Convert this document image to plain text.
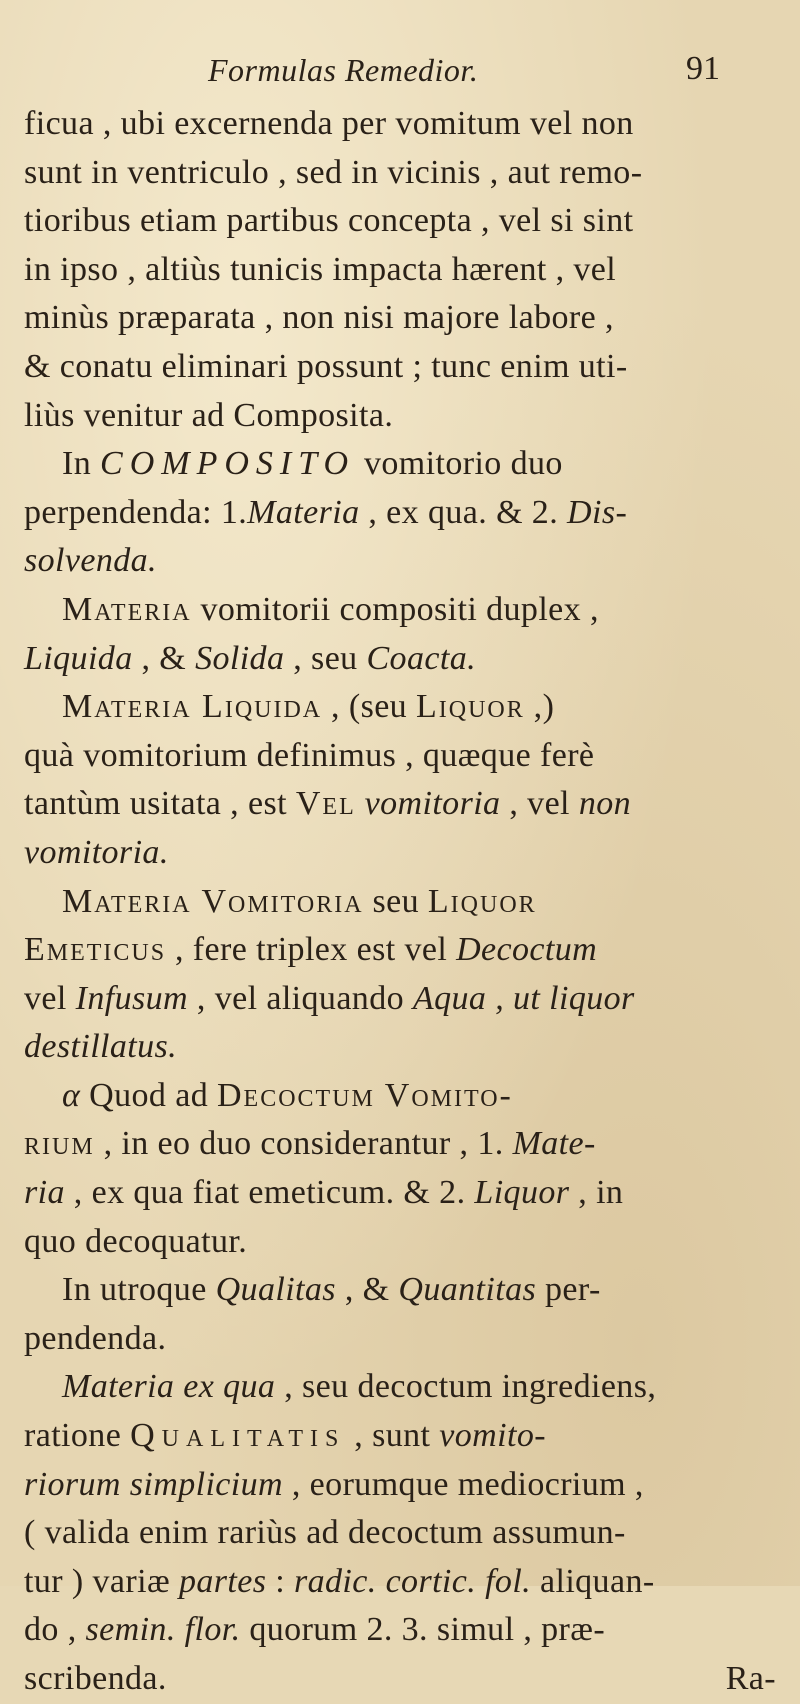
Formulas Remedior.	91
ficua , ubi excernenda per vomitum vel non
sunt in ventriculo , sed in vicinis , aut remo-
tioribus etiam partibus concepta , vel si sint
in ipso , altiùs tunicis impacta hærent , vel
minùs præparata , non nisi majore labore ,
& conatu eliminari possunt ; tunc enim uti-
liùs venitur ad Composita.
In COMPOSITO vomitorio duo
perpendenda: 1.Materia , ex qua. & 2. Dis-
solvenda.
Materia vomitorii compositi duplex ,
Liquida , & Solida , seu Coacta.
Materia Liquida , (seu Liquor ,)
quà vomitorium definimus , quæque ferè
tantùm usitata , est Vel vomitoria , vel non
vomitoria.
Materia Vomitoria seu Liquor
Emeticus , fere triplex est vel Decoctum
vel Infusum , vel aliquando Aqua , ut liquor
destillatus.
α Quod ad Decoctum Vomito-
rium , in eo duo considerantur , 1. Mate-
ria , ex qua fiat emeticum. & 2. Liquor , in
quo decoquatur.
In utroque Qualitas , & Quantitas per-
pendenda.
Materia ex qua , seu decoctum ingrediens,
ratione Qualitatis , sunt vomito-
riorum simplicium , eorumque mediocrium ,
( valida enim rariùs ad decoctum assumun-
tur ) variæ partes : radic. cortic. fol. aliquan-
do , semin. flor. quorum 2. 3. simul , præ-
scribenda.	Ra-
